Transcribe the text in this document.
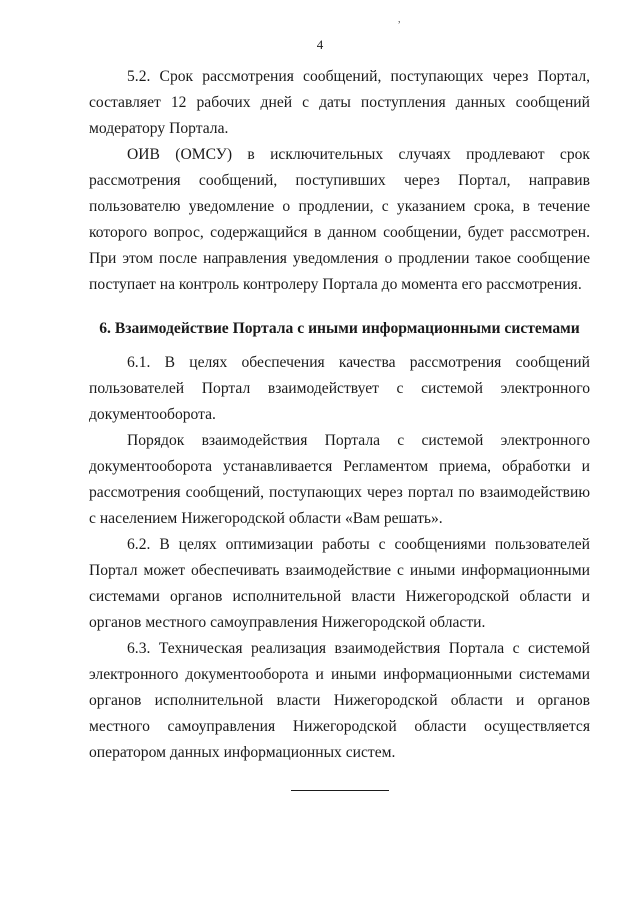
,
4

5.2. Срок рассмотрения сообщений, поступающих через Портал, составляет 12 рабочих дней с даты поступления данных сообщений модератору Портала.

ОИВ (ОМСУ) в исключительных случаях продлевают срок рассмотрения сообщений, поступивших через Портал, направив пользователю уведомление о продлении, с указанием срока, в течение которого вопрос, содержащийся в данном сообщении, будет рассмотрен. При этом после направления уведомления о продлении такое сообщение поступает на контроль контролеру Портала до момента его рассмотрения.

6. Взаимодействие Портала с иными информационными системами

6.1. В целях обеспечения качества рассмотрения сообщений пользователей Портал взаимодействует с системой электронного документооборота.

Порядок взаимодействия Портала с системой электронного документооборота устанавливается Регламентом приема, обработки и рассмотрения сообщений, поступающих через портал по взаимодействию с населением Нижегородской области «Вам решать».

6.2. В целях оптимизации работы с сообщениями пользователей Портал может обеспечивать взаимодействие с иными информационными системами органов исполнительной власти Нижегородской области и органов местного самоуправления Нижегородской области.

6.3. Техническая реализация взаимодействия Портала с системой электронного документооборота и иными информационными системами органов исполнительной власти Нижегородской области и органов местного самоуправления Нижегородской области осуществляется оператором данных информационных систем.
